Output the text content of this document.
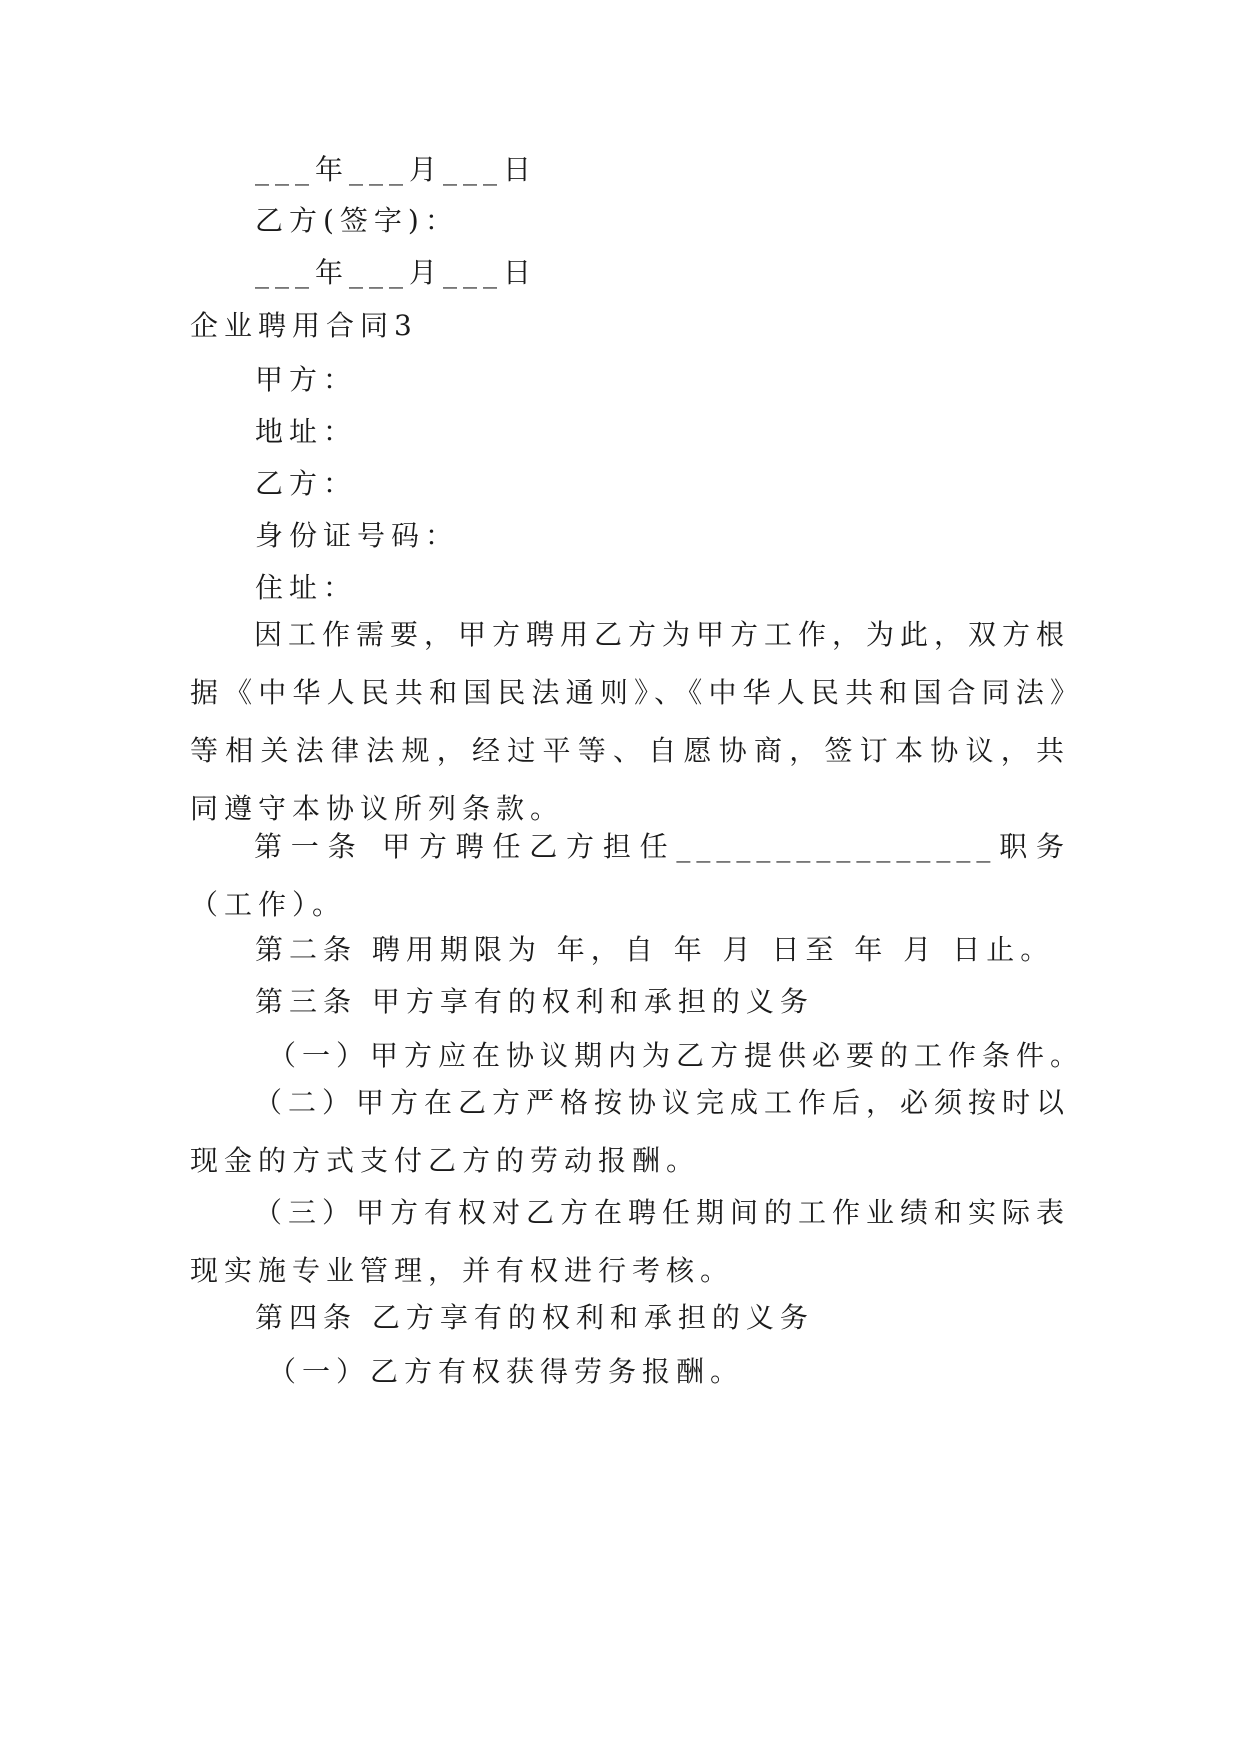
___年___月___日
乙方(签字)：
___年___月___日
企业聘用合同3
甲方：
地址：
乙方：
身份证号码：
住址：
因工作需要，甲方聘用乙方为甲方工作，为此，双方根据《中华人民共和国民法通则》、《中华人民共和国合同法》等相关法律法规，经过平等、自愿协商，签订本协议，共同遵守本协议所列条款。
第一条 甲方聘任乙方担任________________职务（工作）。
第二条 聘用期限为 年，自 年 月 日至 年 月 日止。
第三条 甲方享有的权利和承担的义务
（一）甲方应在协议期内为乙方提供必要的工作条件。
（二）甲方在乙方严格按协议完成工作后，必须按时以现金的方式支付乙方的劳动报酬。
（三）甲方有权对乙方在聘任期间的工作业绩和实际表现实施专业管理，并有权进行考核。
第四条 乙方享有的权利和承担的义务
（一）乙方有权获得劳务报酬。
